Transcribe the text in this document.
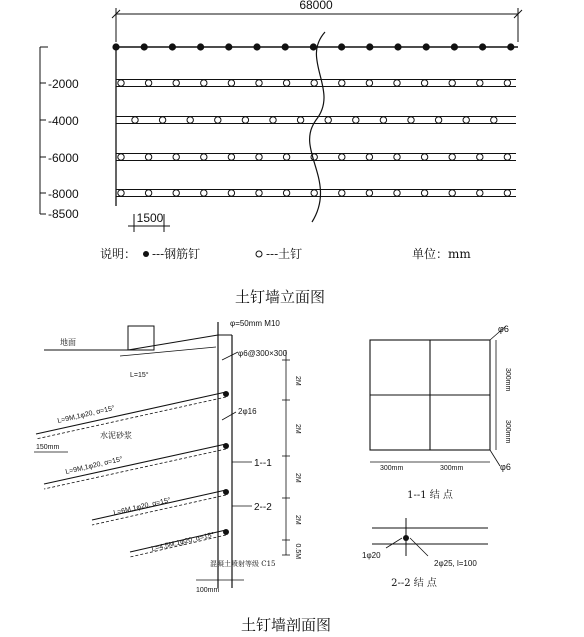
68000
-2000
-4000
-6000
-8000
-8500	1500
说明： ---钢筋钉	---土钉	单位：mm
土钉墙立面图
φ=50mm M10
地面
L=15°
φ6@300×300
2φ16
L=9M,1φ20, α=15°
L=9M,1φ20, α=15°
L=6M,1φ20, α=15°
L=4.5M,1φ20, α=15°
水泥砂浆
150mm
1--1
2--2
2M
2M
2M
2M
0.5M
混凝土喷射等级 C15
100mm
土钉墙剖面图
φ6
φ6
300mm	300mm
300mm
300mm
1--1 结 点
1φ20
2φ25, l=100
2--2 结 点
